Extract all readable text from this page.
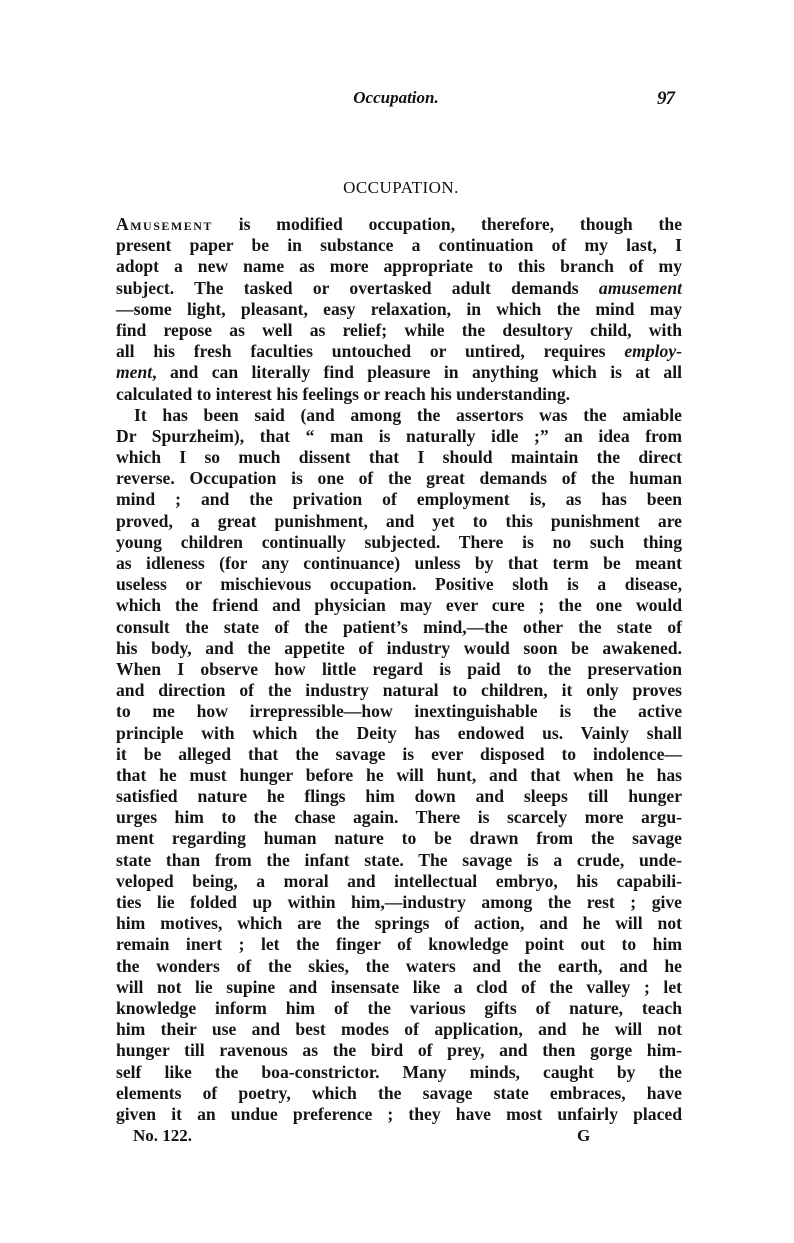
Occupation.	97
OCCUPATION.
Amusement is modified occupation, therefore, though the
present paper be in substance a continuation of my last, I
adopt a new name as more appropriate to this branch of my
subject. The tasked or overtasked adult demands amusement
—some light, pleasant, easy relaxation, in which the mind may
find repose as well as relief; while the desultory child, with
all his fresh faculties untouched or untired, requires employ-
ment, and can literally find pleasure in anything which is at all
calculated to interest his feelings or reach his understanding.
It has been said (and among the assertors was the amiable
Dr Spurzheim), that “ man is naturally idle ;” an idea from
which I so much dissent that I should maintain the direct
reverse. Occupation is one of the great demands of the human
mind ; and the privation of employment is, as has been
proved, a great punishment, and yet to this punishment are
young children continually subjected. There is no such thing
as idleness (for any continuance) unless by that term be meant
useless or mischievous occupation. Positive sloth is a disease,
which the friend and physician may ever cure ; the one would
consult the state of the patient’s mind,—the other the state of
his body, and the appetite of industry would soon be awakened.
When I observe how little regard is paid to the preservation
and direction of the industry natural to children, it only proves
to me how irrepressible—how inextinguishable is the active
principle with which the Deity has endowed us. Vainly shall
it be alleged that the savage is ever disposed to indolence—
that he must hunger before he will hunt, and that when he has
satisfied nature he flings him down and sleeps till hunger
urges him to the chase again. There is scarcely more argu-
ment regarding human nature to be drawn from the savage
state than from the infant state. The savage is a crude, unde-
veloped being, a moral and intellectual embryo, his capabili-
ties lie folded up within him,—industry among the rest ; give
him motives, which are the springs of action, and he will not
remain inert ; let the finger of knowledge point out to him
the wonders of the skies, the waters and the earth, and he
will not lie supine and insensate like a clod of the valley ; let
knowledge inform him of the various gifts of nature, teach
him their use and best modes of application, and he will not
hunger till ravenous as the bird of prey, and then gorge him-
self like the boa-constrictor. Many minds, caught by the
elements of poetry, which the savage state embraces, have
given it an undue preference ; they have most unfairly placed
No. 122.	G
